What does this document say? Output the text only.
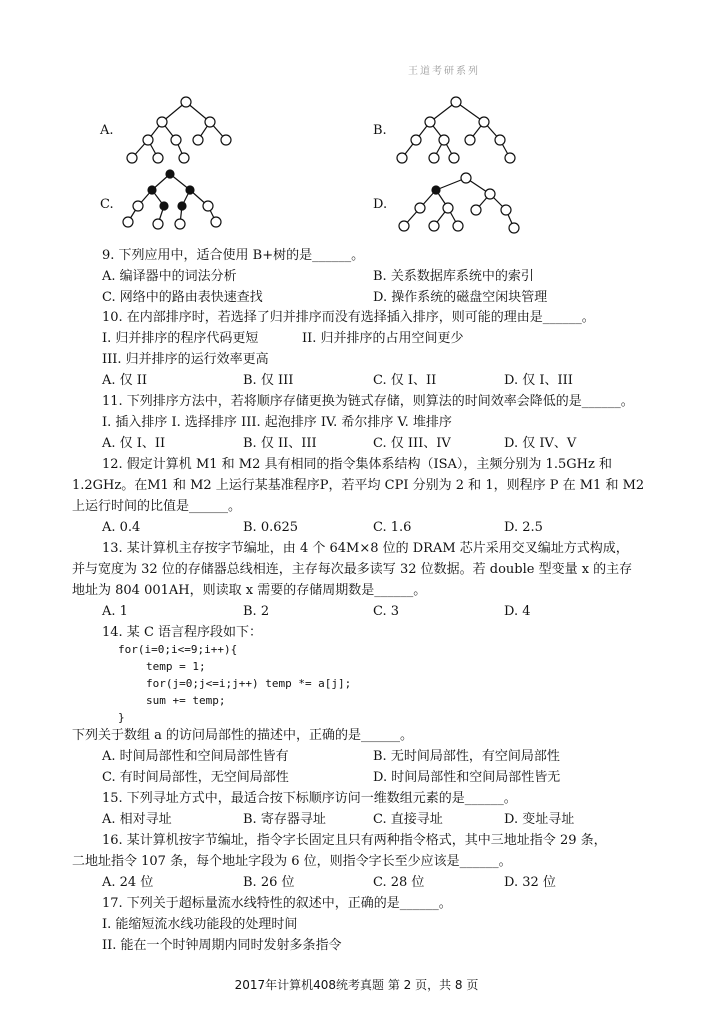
王道考研系列
A.	B.
C.	D.
9. 下列应用中，适合使用 B+树的是______。
A. 编译器中的词法分析	B. 关系数据库系统中的索引
C. 网络中的路由表快速查找	D. 操作系统的磁盘空闲块管理
10. 在内部排序时，若选择了归并排序而没有选择插入排序，则可能的理由是______。
I. 归并排序的程序代码更短	II. 归并排序的占用空间更少
III. 归并排序的运行效率更高
A. 仅 II	B. 仅 III	C. 仅 I、II	D. 仅 I、III
11. 下列排序方法中，若将顺序存储更换为链式存储，则算法的时间效率会降低的是______。
I. 插入排序 I. 选择排序 III. 起泡排序 IV. 希尔排序 V. 堆排序
A. 仅 I、II	B. 仅 II、III	C. 仅 III、IV	D. 仅 IV、V
12. 假定计算机 M1 和 M2 具有相同的指令集体系结构（ISA），主频分别为 1.5GHz 和
1.2GHz。在M1 和 M2 上运行某基准程序P，若平均 CPI 分别为 2 和 1，则程序 P 在 M1 和 M2
上运行时间的比值是______。
A. 0.4	B. 0.625	C. 1.6	D. 2.5
13. 某计算机主存按字节编址，由 4 个 64M×8 位的 DRAM 芯片采用交叉编址方式构成，
并与宽度为 32 位的存储器总线相连，主存每次最多读写 32 位数据。若 double 型变量 x 的主存
地址为 804 001AH，则读取 x 需要的存储周期数是______。
A. 1	B. 2	C. 3	D. 4
14. 某 C 语言程序段如下：
for(i=0;i<=9;i++){
temp = 1;
for(j=0;j<=i;j++) temp *= a[j];
sum += temp;
}
下列关于数组 a 的访问局部性的描述中，正确的是______。
A. 时间局部性和空间局部性皆有	B. 无时间局部性，有空间局部性
C. 有时间局部性，无空间局部性	D. 时间局部性和空间局部性皆无
15. 下列寻址方式中，最适合按下标顺序访问一维数组元素的是______。
A. 相对寻址	B. 寄存器寻址	C. 直接寻址	D. 变址寻址
16. 某计算机按字节编址，指令字长固定且只有两种指令格式，其中三地址指令 29 条，
二地址指令 107 条，每个地址字段为 6 位，则指令字长至少应该是______。
A. 24 位	B. 26 位	C. 28 位	D. 32 位
17. 下列关于超标量流水线特性的叙述中，正确的是______。
I. 能缩短流水线功能段的处理时间
II. 能在一个时钟周期内同时发射多条指令
2017年计算机408统考真题 第 2 页，共 8 页
